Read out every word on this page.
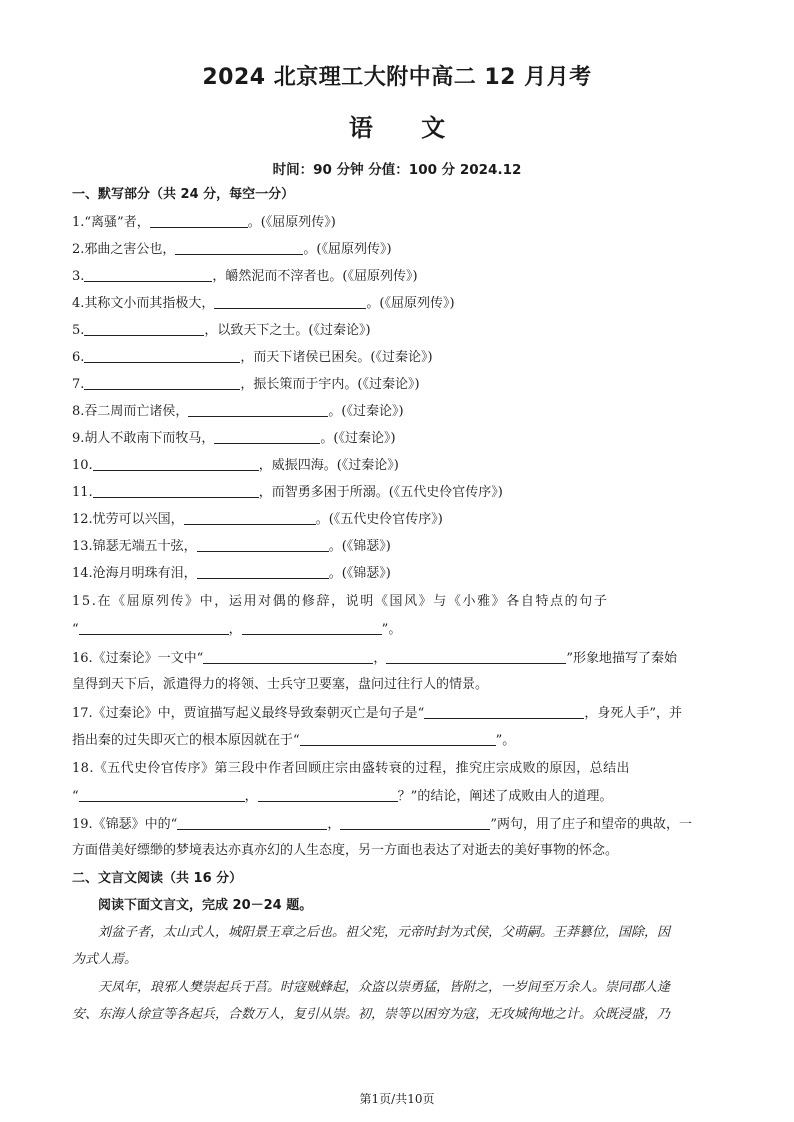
2024 北京理工大附中高二 12 月月考
语 文
时间：90 分钟 分值：100 分 2024.12
一、默写部分（共 24 分，每空一分）
1.“离骚”者，	。(《屈原列传》)
2.邪曲之害公也，	。(《屈原列传》)
3.	，皭然泥而不滓者也。(《屈原列传》)
4.其称文小而其指极大，	。(《屈原列传》)
5.	，以致天下之士。(《过秦论》)
6.	，而天下诸侯已困矣。(《过秦论》)
7.	，振长策而于宇内。(《过秦论》)
8.吞二周而亡诸侯，	。(《过秦论》)
9.胡人不敢南下而牧马，	。(《过秦论》)
10.	，威振四海。(《过秦论》)
11.	，而智勇多困于所溺。(《五代史伶官传序》)
12.忧劳可以兴国，	。(《五代史伶官传序》)
13.锦瑟无端五十弦，	。(《锦瑟》)
14.沧海月明珠有泪，	。(《锦瑟》)
15.在《屈原列传》中，运用对偶的修辞，说明《国风》与《小雅》各自特点的句子
“	，	”。
16.《过秦论》一文中“	，	”形象地描写了秦始
皇得到天下后，派遣得力的将领、士兵守卫要塞，盘问过往行人的情景。
17.《过秦论》中，贾谊描写起义最终导致秦朝灭亡是句子是“	，身死人手”，并
指出秦的过失即灭亡的根本原因就在于“	”。
18.《五代史伶官传序》第三段中作者回顾庄宗由盛转衰的过程，推究庄宗成败的原因，总结出
“	，	？”的结论，阐述了成败由人的道理。
19.《锦瑟》中的“	，	”两句，用了庄子和望帝的典故，一
方面借美好缥缈的梦境表达亦真亦幻的人生态度，另一方面也表达了对逝去的美好事物的怀念。
二、文言文阅读（共 16 分）
阅读下面文言文，完成 20－24 题。
刘盆子者，太山式人，城阳景王章之后也。祖父宪，元帝时封为式侯，父萌嗣。王莽篡位，国除，因
为式人焉。
天凤年，琅邪人樊崇起兵于莒。时寇贼蜂起，众盗以崇勇猛，皆附之，一岁间至万余人。崇同郡人逄
安、东海人徐宣等各起兵，合数万人，复引从崇。初，崇等以困穷为寇，无攻城徇地之计。众既浸盛，乃
第1页/共10页
